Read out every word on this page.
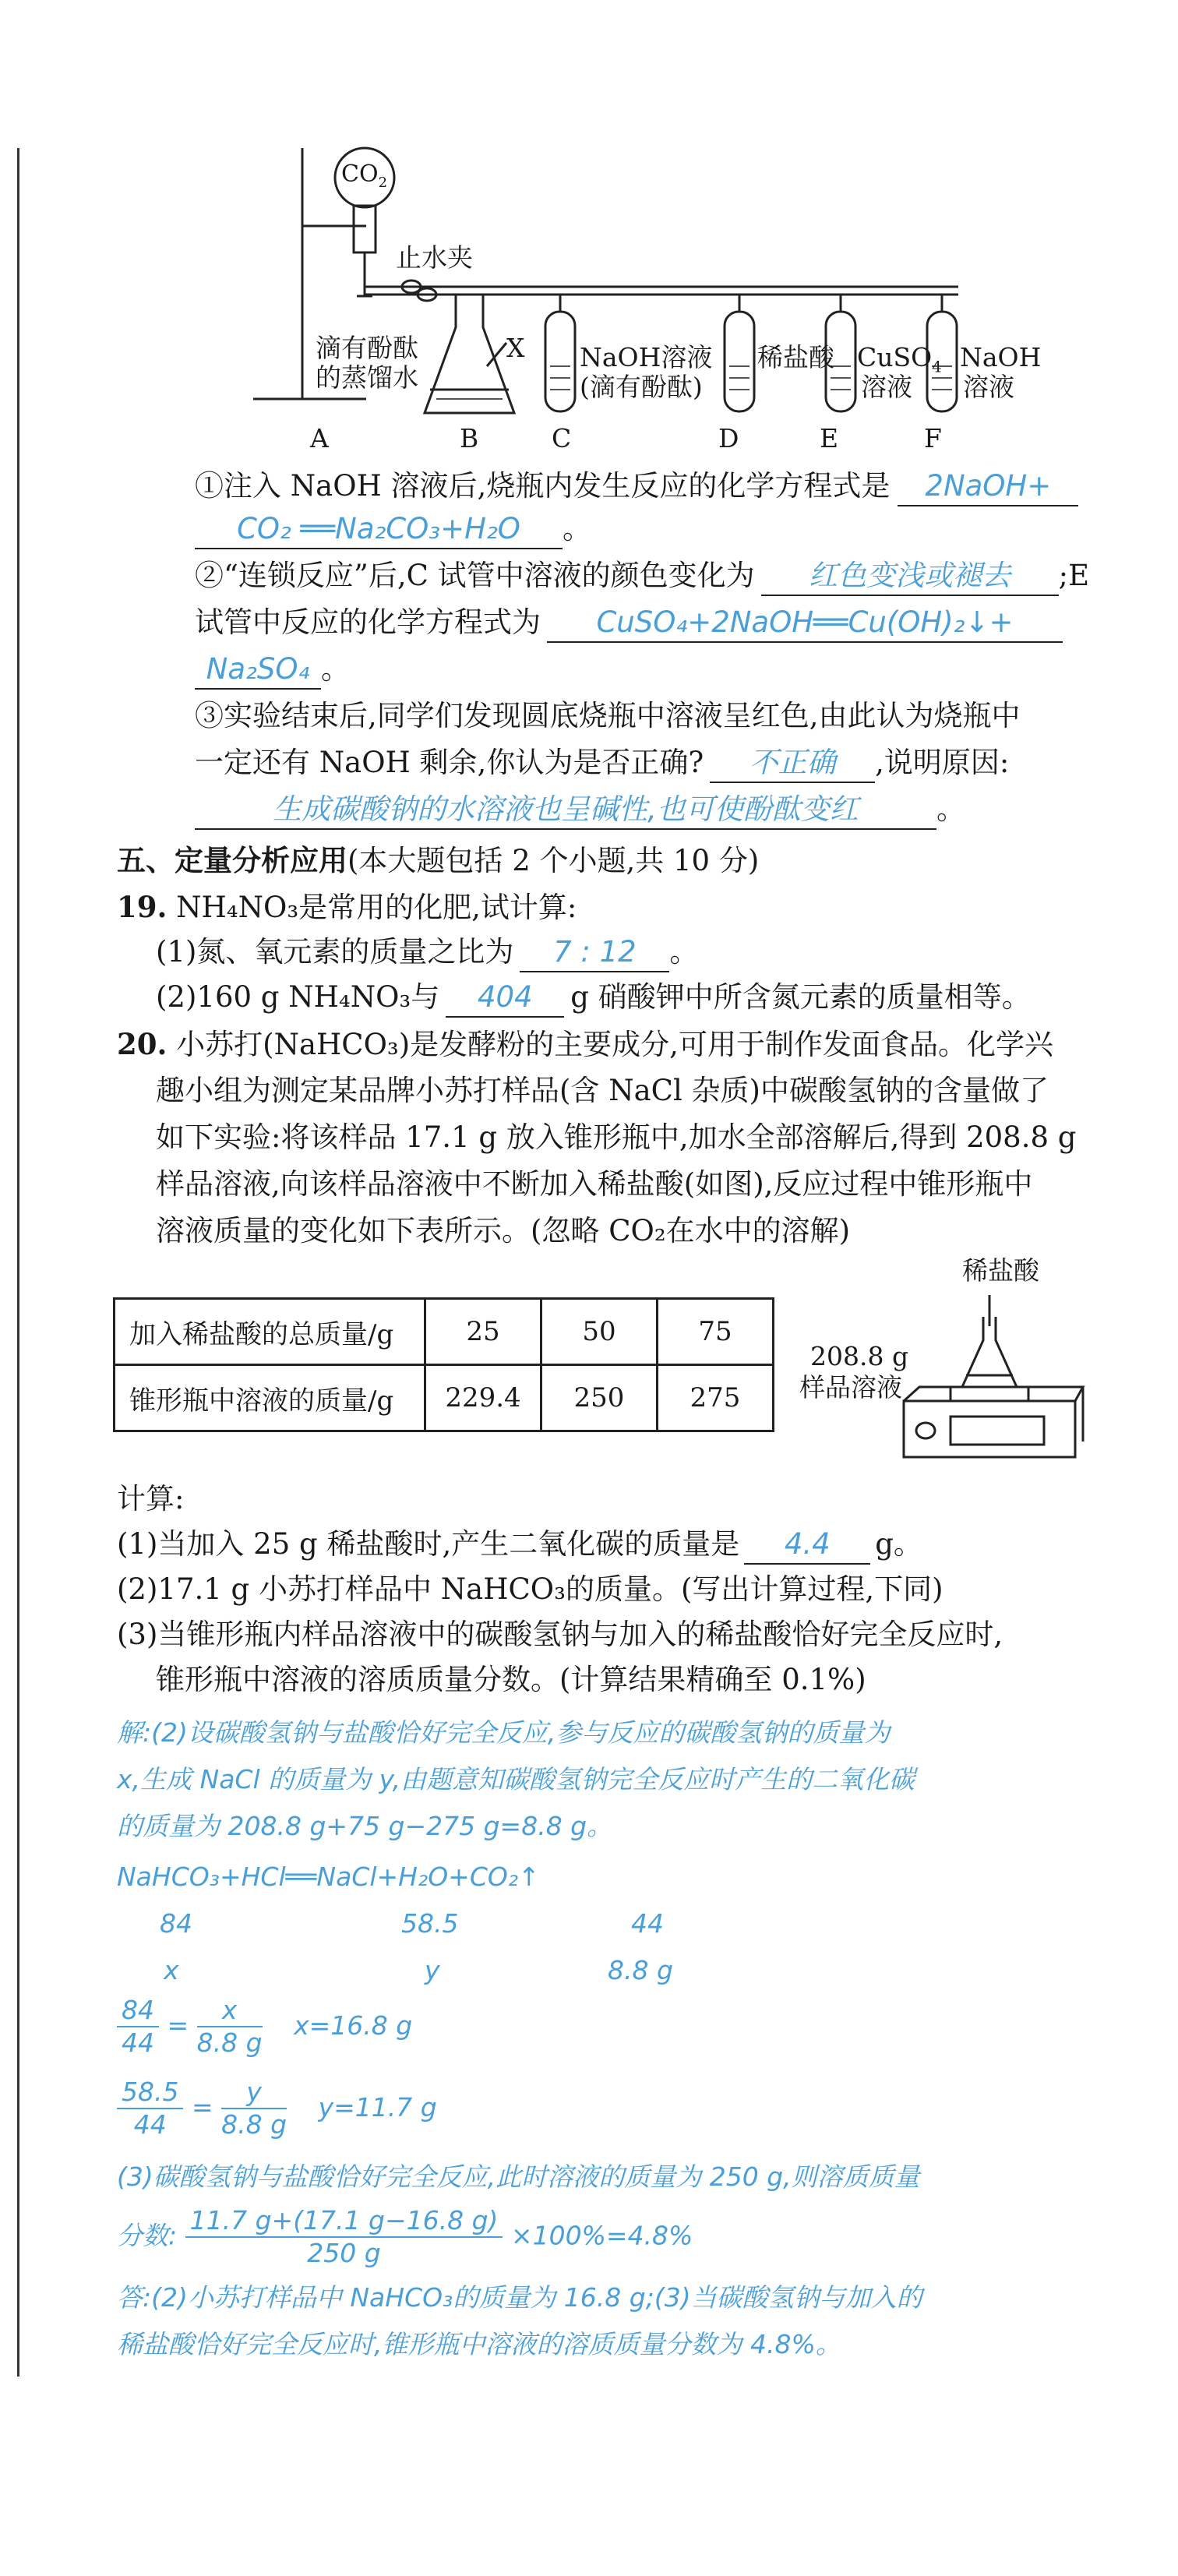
$CO_2$
止水夹
滴有酚酞
的蒸馏水
X NaOH溶液
(滴有酚酞)
稀盐酸 CuSO$_4$
溶液
NaOH
溶液
A	B	C	D	E	F
①注入 NaOH 溶液后,烧瓶内发生反应的化学方程式是 2NaOH+
CO₂ ══Na₂CO₃+H₂O 。
②“连锁反应”后,C 试管中溶液的颜色变化为 红色变浅或褪去 ;E
试管中反应的化学方程式为 CuSO₄+2NaOH══Cu(OH)₂↓+
Na₂SO₄ 。
③实验结束后,同学们发现圆底烧瓶中溶液呈红色,由此认为烧瓶中
一定还有 NaOH 剩余,你认为是否正确? 不正确 ,说明原因:
生成碳酸钠的水溶液也呈碱性,也可使酚酞变红	。
五、定量分析应用(本大题包括 2 个小题,共 10 分)
19. NH₄NO₃是常用的化肥,试计算:
(1)氮、氧元素的质量之比为 7 : 12 。
(2)160 g NH₄NO₃与 404 g 硝酸钾中所含氮元素的质量相等。
20. 小苏打(NaHCO₃)是发酵粉的主要成分,可用于制作发面食品。化学兴
趣小组为测定某品牌小苏打样品(含 NaCl 杂质)中碳酸氢钠的含量做了
如下实验:将该样品 17.1 g 放入锥形瓶中,加水全部溶解后,得到 208.8 g
样品溶液,向该样品溶液中不断加入稀盐酸(如图),反应过程中锥形瓶中
溶液质量的变化如下表所示。(忽略 CO₂在水中的溶解)
加入稀盐酸的总质量/g	25	50	75
锥形瓶中溶液的质量/g	229.4	250	275
稀盐酸
208.8 g
样品溶液
计算:
(1)当加入 25 g 稀盐酸时,产生二氧化碳的质量是 4.4 g。
(2)17.1 g 小苏打样品中 NaHCO₃的质量。(写出计算过程,下同)
(3)当锥形瓶内样品溶液中的碳酸氢钠与加入的稀盐酸恰好完全反应时,
锥形瓶中溶液的溶质质量分数。(计算结果精确至 0.1%)
解:(2)设碳酸氢钠与盐酸恰好完全反应,参与反应的碳酸氢钠的质量为
x,生成 NaCl 的质量为 y,由题意知碳酸氢钠完全反应时产生的二氧化碳
的质量为 208.8 g+75 g−275 g=8.8 g。
NaHCO₃+HCl══NaCl+H₂O+CO₂↑
84	58.5	44
x	y	8.8 g
$\frac{84}{44} = \frac{x}{8.8 g} x=16.8$ g
$\frac{58.5}{44} = \frac{y}{8.8 g} y=11.7$ g
(3)碳酸氢钠与盐酸恰好完全反应,此时溶液的质量为 250 g,则溶质质量
分数: $\frac{11.7 g+(17.1 g-16.8 g)}{250 g} \times 100\%=4.8\%$
答:(2)小苏打样品中 NaHCO₃的质量为 16.8 g;(3)当碳酸氢钠与加入的
稀盐酸恰好完全反应时,锥形瓶中溶液的溶质质量分数为 4.8%。
